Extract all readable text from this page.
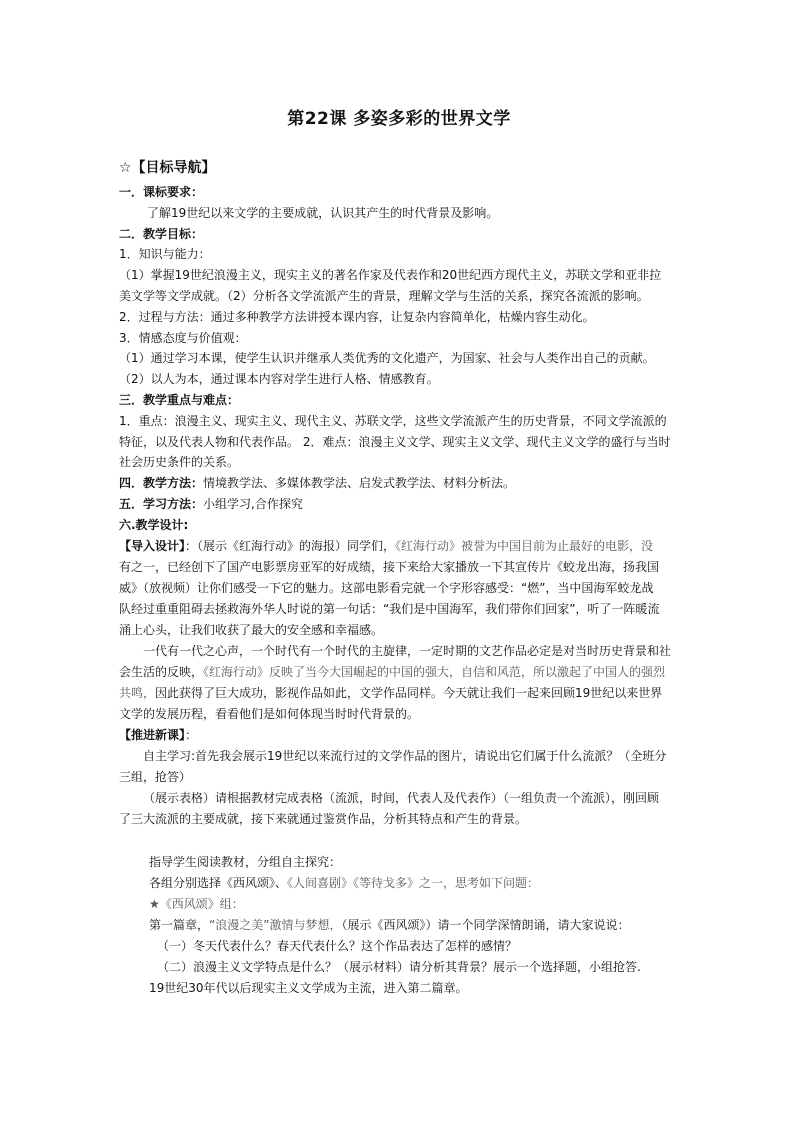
第22课 多姿多彩的世界文学
☆【目标导航】
一．课标要求：
了解19世纪以来文学的主要成就，认识其产生的时代背景及影响。
二．教学目标：
1．知识与能力：
（1）掌握19世纪浪漫主义，现实主义的著名作家及代表作和20世纪西方现代主义，苏联文学和亚非拉
美文学等文学成就。（2）分析各文学流派产生的背景，理解文学与生活的关系，探究各流派的影响。
2．过程与方法：通过多种教学方法讲授本课内容，让复杂内容简单化，枯燥内容生动化。
3．情感态度与价值观：
（1）通过学习本课，使学生认识并继承人类优秀的文化遗产，为国家、社会与人类作出自己的贡献。
（2）以人为本，通过课本内容对学生进行人格、情感教育。
三．教学重点与难点：
1．重点：浪漫主义、现实主义、现代主义、苏联文学，这些文学流派产生的历史背景，不同文学流派的
特征，以及代表人物和代表作品。 2．难点：浪漫主义文学、现实主义文学、现代主义文学的盛行与当时
社会历史条件的关系。
四．教学方法：情境教学法、多媒体教学法、启发式教学法、材料分析法。
五．学习方法：小组学习,合作探究
六.教学设计:
【导入设计】：（展示《红海行动》的海报）同学们，《红海行动》被誉为中国目前为止最好的电影，没
有之一，已经创下了国产电影票房亚军的好成绩，接下来给大家播放一下其宣传片《蛟龙出海，扬我国
威》（放视频）让你们感受一下它的魅力。这部电影看完就一个字形容感受：“燃”，当中国海军蛟龙战
队经过重重阻碍去拯救海外华人时说的第一句话：“我们是中国海军，我们带你们回家”，听了一阵暖流
涌上心头，让我们收获了最大的安全感和幸福感。
一代有一代之心声，一个时代有一个时代的主旋律，一定时期的文艺作品必定是对当时历史背景和社
会生活的反映，《红海行动》反映了当今大国崛起的中国的强大，自信和风范，所以激起了中国人的强烈
共鸣，因此获得了巨大成功，影视作品如此，文学作品同样。今天就让我们一起来回顾19世纪以来世界
文学的发展历程，看看他们是如何体现当时时代背景的。
【推进新课】：
自主学习:首先我会展示19世纪以来流行过的文学作品的图片，请说出它们属于什么流派？（全班分
三组，抢答）
（展示表格）请根据教材完成表格（流派，时间，代表人及代表作）（一组负责一个流派），刚回顾
了三大流派的主要成就，接下来就通过鉴赏作品，分析其特点和产生的背景。
指导学生阅读教材，分组自主探究：
各组分别选择《西风颂》、《人间喜剧》《等待戈多》之一，思考如下问题：
★《西风颂》组：
第一篇章，“浪漫之美”激情与梦想，（展示《西风颂》）请一个同学深情朗诵，请大家说说：
（一）冬天代表什么？春天代表什么？这个作品表达了怎样的感情？
（二）浪漫主义文学特点是什么？（展示材料）请分析其背景？展示一个选择题，小组抢答.
19世纪30年代以后现实主义文学成为主流，进入第二篇章。
